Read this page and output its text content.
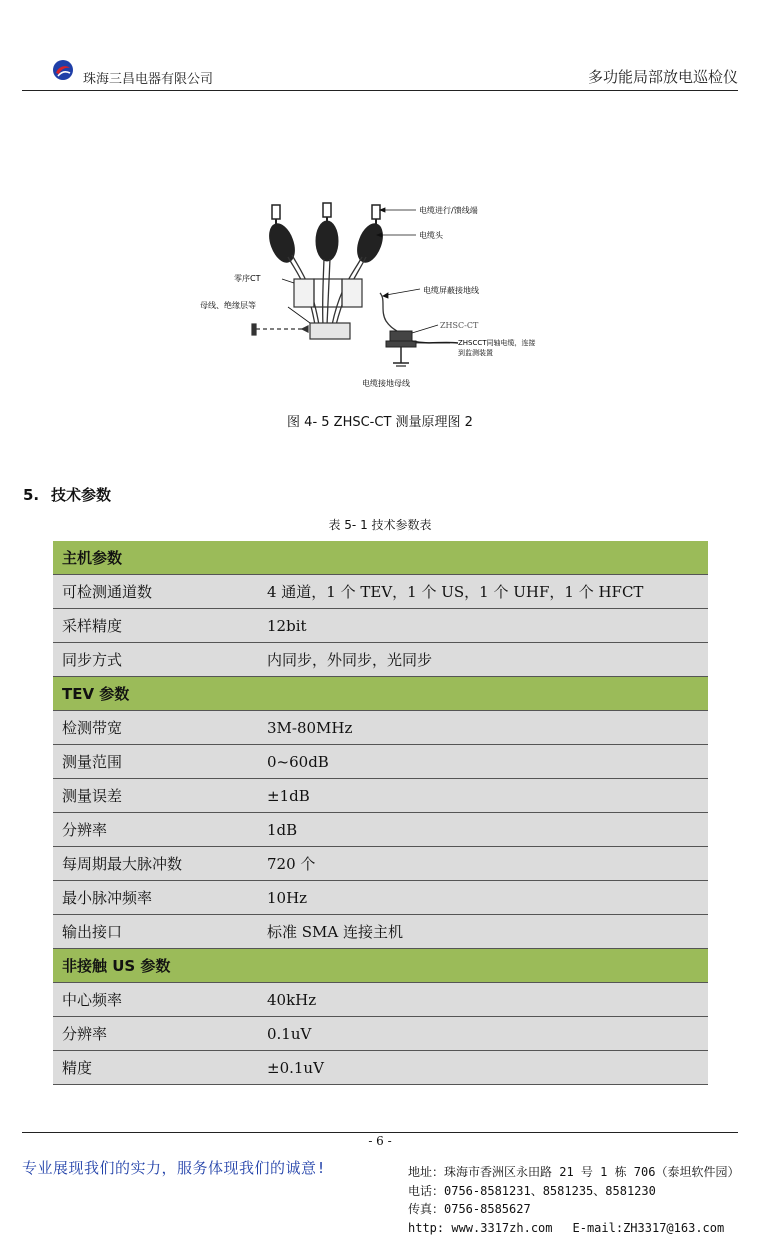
珠海三昌电器有限公司	多功能局部放电巡检仪
电缆进行/馈线端
电缆头
零序CT
母线、绝缘层等
电缆屏蔽接地线
ZHSC-CT
ZHSCCT同轴电缆，连接
到监测装置
电缆接地母线
图 4- 5 ZHSC-CT 测量原理图 2
5. 技术参数
表 5- 1 技术参数表
主机参数
可检测通道数	4 通道，1 个 TEV，1 个 US，1 个 UHF，1 个 HFCT
采样精度	12bit
同步方式	内同步，外同步，光同步
TEV 参数
检测带宽	3M-80MHz
测量范围	0~60dB
测量误差	±1dB
分辨率	1dB
每周期最大脉冲数	720 个
最小脉冲频率	10Hz
输出接口	标准 SMA 连接主机
非接触 US 参数
中心频率	40kHz
分辨率	0.1uV
精度	±0.1uV
- 6 -
专业展现我们的实力，服务体现我们的诚意!	地址：珠海市香洲区永田路 21 号 1 栋 706（泰坦软件园）
电话：0756-8581231、8581235、8581230
传真：0756-8585627
http: www.3317zh.com E-mail:ZH3317@163.com
